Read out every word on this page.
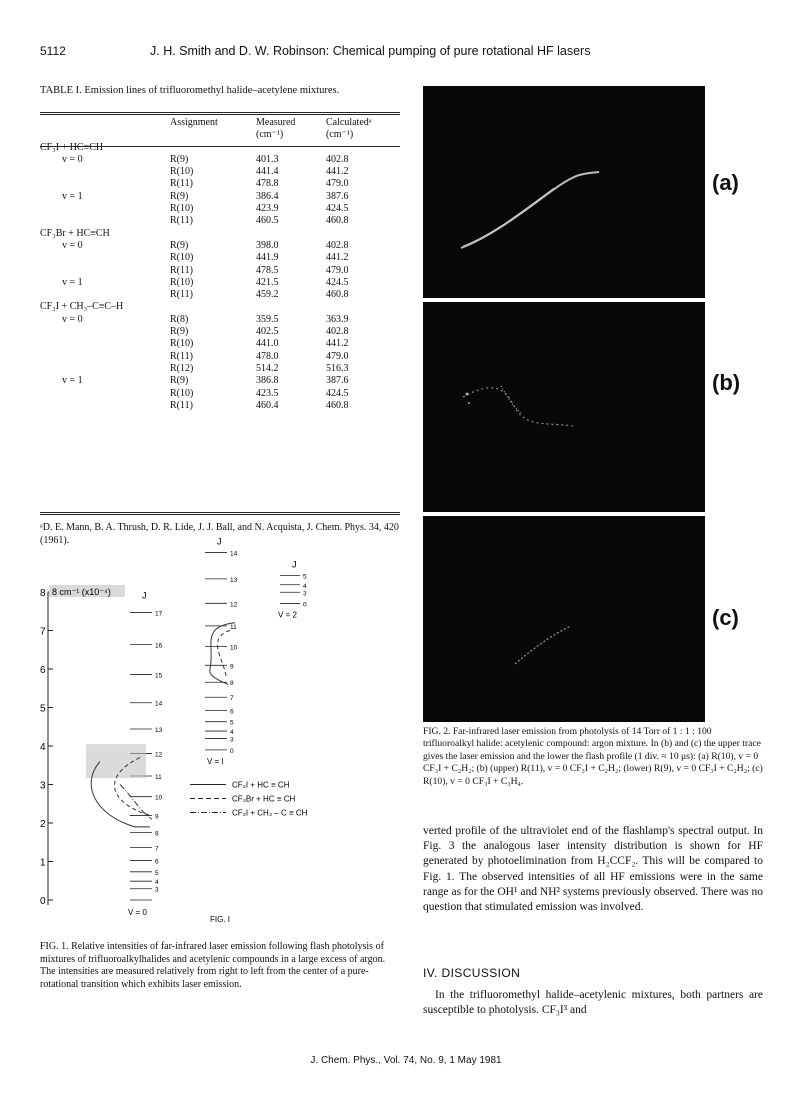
5112	J. H. Smith and D. W. Robinson: Chemical pumping of pure rotational HF lasers
TABLE I. Emission lines of trifluoromethyl halide–acetylene mixtures.
	Assignment	Measured	Calculatedᵃ
		(cm⁻¹)	(cm⁻¹)
CF₃I + HC≡CH			
v = 0	R(9)	401.3	402.8
	R(10)	441.4	441.2
	R(11)	478.8	479.0
v = 1	R(9)	386.4	387.6
	R(10)	423.9	424.5
	R(11)	460.5	460.8
CF₃Br + HC≡CH			
v = 0	R(9)	398.0	402.8
	R(10)	441.9	441.2
	R(11)	478.5	479.0
v = 1	R(10)	421.5	424.5
	R(11)	459.2	460.8
CF₃I + CH₃–C≡C–H			
v = 0	R(8)	359.5	363.9
	R(9)	402.5	402.8
	R(10)	441.0	441.2
	R(11)	478.0	479.0
	R(12)	514.2	516.3
v = 1	R(9)	386.8	387.6
	R(10)	423.5	424.5
	R(11)	460.4	460.8
ᵃD. E. Mann, B. A. Thrush, D. R. Lide, J. J. Ball, and N. Acquista, J. Chem. Phys. 34, 420 (1961).
0
1
2
3
4
5
6
7
8 8 cm⁻¹ (x10⁻⁴)
3
4
5
6
7
8
9
10
11
12
13
14
15
16
17
J
V = 0
0
3
4
5
6
7
8
9
10
11
12
13
14
J
V = I
0
3
4
5
J
V = 2
CF₃I + HC ≡ CH
CF₃Br + HC ≡ CH
CF₃I + CH₃ – C ≡ CH
FIG. I
FIG. 1. Relative intensities of far-infrared laser emission following flash photolysis of mixtures of trifluoroalkylhalides and acetylenic compounds in a large excess of argon. The intensities are measured relatively from right to left from the center of a pure-rotational transition which exhibits laser emission.
(a)
(b)
(c)
FIG. 2. Far-infrared laser emission from photolysis of 14 Torr of 1 : 1 : 100 trifluoroalkyl halide: acetylenic compound: argon mixture. In (b) and (c) the upper trace gives the laser emission and the lower the flash profile (1 div. ≈ 10 μs): (a) R(10), v = 0 CF₃I + C₂H₂; (b) (upper) R(11), v = 0 CF₃I + C₂H₂; (lower) R(9), v = 0 CF₃I + C₂H₂; (c) R(10), v = 0 CF₃I + C₃H₄.
verted profile of the ultraviolet end of the flashlamp's spectral output. In Fig. 3 the analogous laser intensity distribution is shown for HF generated by photoelimination from H₂CCF₂. This will be compared to Fig. 1. The observed intensities of all HF emissions were in the same range as for the OH¹ and NH² systems previously observed. There was no question that stimulated emission was involved.
IV. DISCUSSION
In the trifluoromethyl halide–acetylenic mixtures, both partners are susceptible to photolysis. CF₃I³ and
J. Chem. Phys., Vol. 74, No. 9, 1 May 1981
